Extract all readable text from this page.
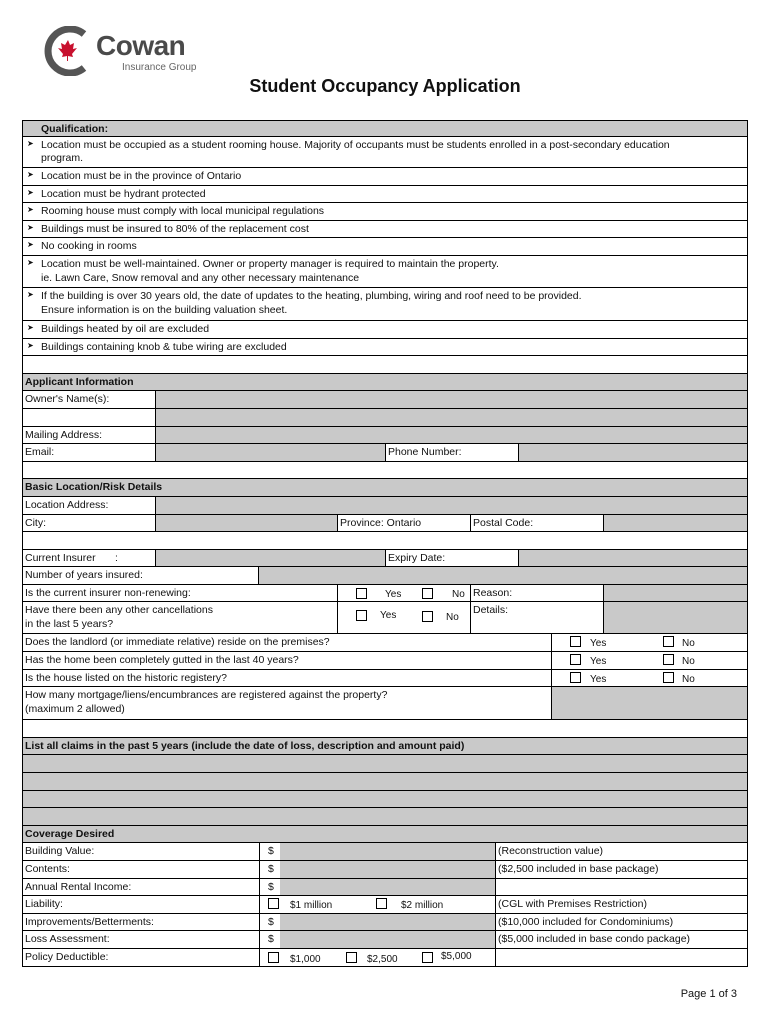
Cowan
Insurance Group
Student Occupancy Application
Qualification:
➤ Location must be occupied as a student rooming house. Majority of occupants must be students enrolled in a post-secondary education
program.
➤ Location must be in the province of Ontario
➤ Location must be hydrant protected
➤ Rooming house must comply with local municipal regulations
➤ Buildings must be insured to 80% of the replacement cost
➤ No cooking in rooms
➤ Location must be well-maintained. Owner or property manager is required to maintain the property.
ie. Lawn Care, Snow removal and any other necessary maintenance
➤ If the building is over 30 years old, the date of updates to the heating, plumbing, wiring and roof need to be provided.
Ensure information is on the building valuation sheet.
➤ Buildings heated by oil are excluded
➤ Buildings containing knob & tube wiring are excluded
Applicant Information
Owner's Name(s):
Mailing Address:
Email:	Phone Number:
Basic Location/Risk Details
Location Address:
City:	Province: Ontario	Postal Code:
Current Insurer :	Expiry Date:
Number of years insured:
Is the current insurer non-renewing:	Yes	No Reason:
Have there been any other cancellations
in the last 5 years?
Yes	No
Details:
Does the landlord (or immediate relative) reside on the premises?	Yes	No
Has the home been completely gutted in the last 40 years?	Yes	No
Is the house listed on the historic registery?	Yes	No
How many mortgage/liens/encumbrances are registered against the property?
(maximum 2 allowed)
List all claims in the past 5 years (include the date of loss, description and amount paid)
Coverage Desired
Building Value:	$	(Reconstruction value)
Contents:	$	($2,500 included in base package)
Annual Rental Income:	$
Liability:	$1 million	$2 million	(CGL with Premises Restriction)
Improvements/Betterments:	$	($10,000 included for Condominiums)
Loss Assessment:	$	($5,000 included in base condo package)
Policy Deductible:	$1,000	$2,500	$5,000
Page 1 of 3
